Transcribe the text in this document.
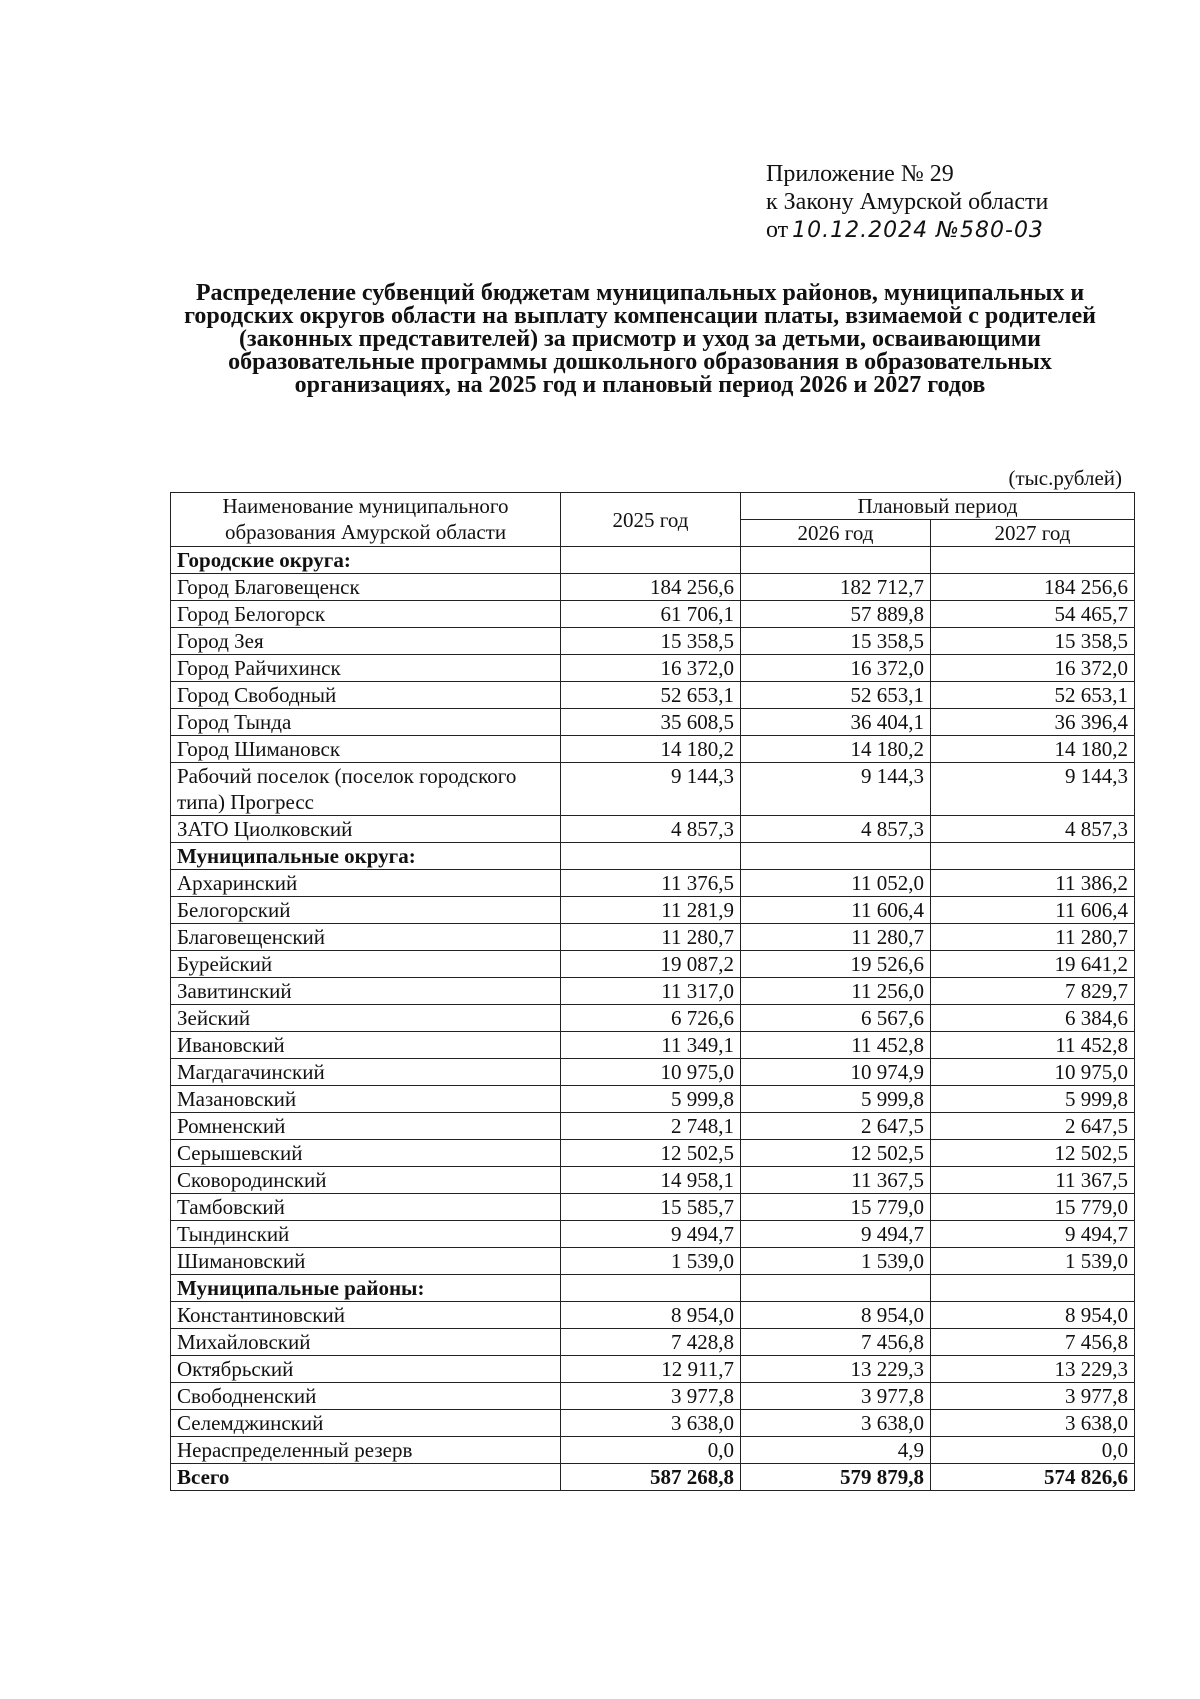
Приложение № 29
к Закону Амурской области
от 10.12.2024 №580-03
Распределение субвенций бюджетам муниципальных районов, муниципальных и городских округов области на выплату компенсации платы, взимаемой с родителей (законных представителей) за присмотр и уход за детьми, осваивающими образовательные программы дошкольного образования в образовательных организациях, на 2025 год и плановый период 2026 и 2027 годов
(тыс.рублей)
Наименование муниципального образования Амурской области	2025 год	Плановый период	
		2026 год	2027 год
Городские округа:			
Город Благовещенск	184 256,6	182 712,7	184 256,6
Город Белогорск	61 706,1	57 889,8	54 465,7
Город Зея	15 358,5	15 358,5	15 358,5
Город Райчихинск	16 372,0	16 372,0	16 372,0
Город Свободный	52 653,1	52 653,1	52 653,1
Город Тында	35 608,5	36 404,1	36 396,4
Город Шимановск	14 180,2	14 180,2	14 180,2
Рабочий поселок (поселок городского типа) Прогресс	9 144,3	9 144,3	9 144,3
ЗАТО Циолковский	4 857,3	4 857,3	4 857,3
Муниципальные округа:			
Архаринский	11 376,5	11 052,0	11 386,2
Белогорский	11 281,9	11 606,4	11 606,4
Благовещенский	11 280,7	11 280,7	11 280,7
Бурейский	19 087,2	19 526,6	19 641,2
Завитинский	11 317,0	11 256,0	7 829,7
Зейский	6 726,6	6 567,6	6 384,6
Ивановский	11 349,1	11 452,8	11 452,8
Магдагачинский	10 975,0	10 974,9	10 975,0
Мазановский	5 999,8	5 999,8	5 999,8
Ромненский	2 748,1	2 647,5	2 647,5
Серышевский	12 502,5	12 502,5	12 502,5
Сковородинский	14 958,1	11 367,5	11 367,5
Тамбовский	15 585,7	15 779,0	15 779,0
Тындинский	9 494,7	9 494,7	9 494,7
Шимановский	1 539,0	1 539,0	1 539,0
Муниципальные районы:			
Константиновский	8 954,0	8 954,0	8 954,0
Михайловский	7 428,8	7 456,8	7 456,8
Октябрьский	12 911,7	13 229,3	13 229,3
Свободненский	3 977,8	3 977,8	3 977,8
Селемджинский	3 638,0	3 638,0	3 638,0
Нераспределенный резерв	0,0	4,9	0,0
Всего	587 268,8	579 879,8	574 826,6
